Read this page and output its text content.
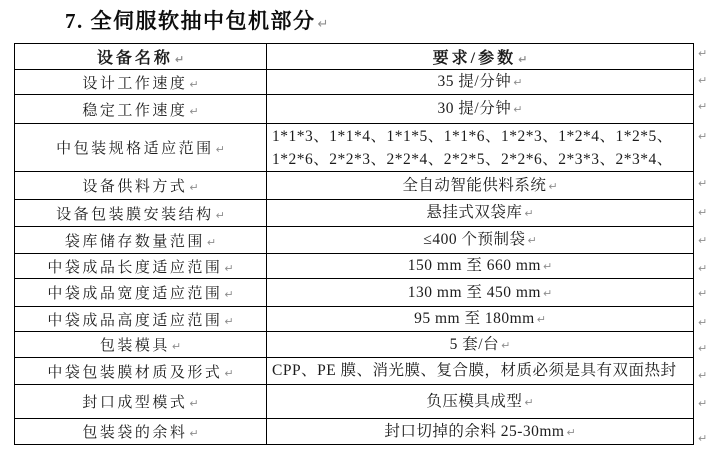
7. 全伺服软抽中包机部分 ↵
设备名称 ↵	要求/参数 ↵
设计工作速度 ↵	35 提/分钟 ↵

稳定工作速度 ↵	30 提/分钟 ↵

中包装规格适应范围 ↵	1*1*3、1*1*4、1*1*5、1*1*6、1*2*3、1*2*4、1*2*5、
1*2*6、2*2*3、2*2*4、2*2*5、2*2*6、2*3*3、2*3*4、

设备供料方式 ↵	全自动智能供料系统 ↵

设备包装膜安装结构 ↵	悬挂式双袋库 ↵

袋库储存数量范围 ↵	≤400 个预制袋 ↵

中袋成品长度适应范围 ↵	150 mm 至 660 mm ↵

中袋成品宽度适应范围 ↵	130 mm 至 450 mm ↵

中袋成品高度适应范围 ↵	95 mm 至 180mm ↵

包装模具 ↵	5 套/台 ↵

中袋包装膜材质及形式 ↵	CPP、PE 膜、消光膜、复合膜，材质必须是具有双面热封

封口成型模式 ↵	负压模具成型 ↵

包装袋的余料 ↵	封口切掉的余料 25-30mm ↵
↵
↵
↵
↵
↵
↵
↵
↵
↵
↵
↵
↵
↵
↵
